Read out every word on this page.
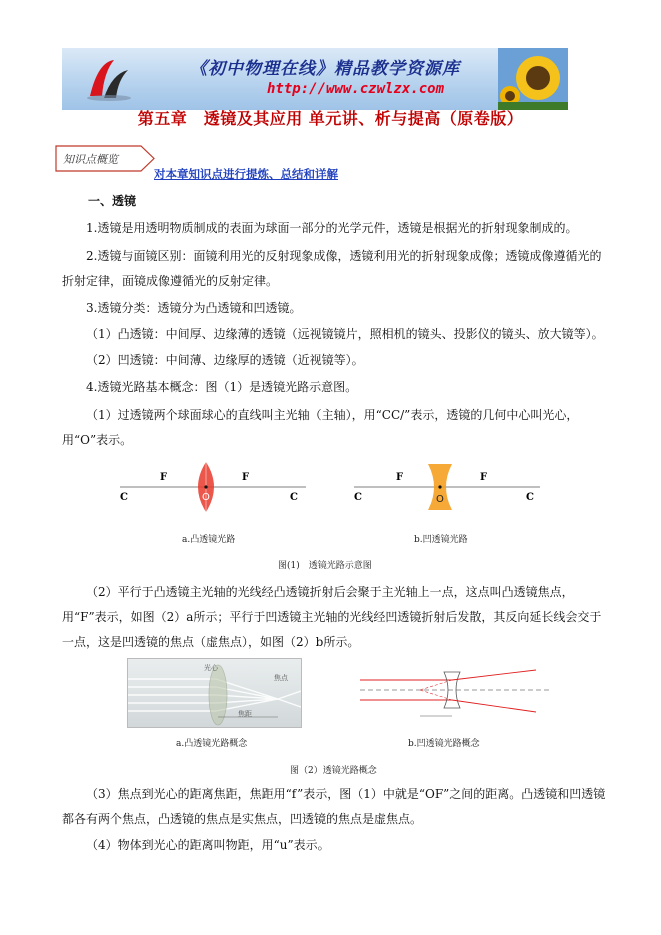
《初中物理在线》精品教学资源库
http://www.czwlzx.com
第五章　透镜及其应用 单元讲、析与提高（原卷版）
知识点概览
对本章知识点进行提炼、总结和详解
一、透镜

1.透镜是用透明物质制成的表面为球面一部分的光学元件，透镜是根据光的折射现象制成的。

2.透镜与面镜区别：面镜利用光的反射现象成像，透镜利用光的折射现象成像；透镜成像遵循光的折射定律，面镜成像遵循光的反射定律。

3.透镜分类：透镜分为凸透镜和凹透镜。

（1）凸透镜：中间厚、边缘薄的透镜（远视镜镜片，照相机的镜头、投影仪的镜头、放大镜等）。

（2）凹透镜：中间薄、边缘厚的透镜（近视镜等）。

4.透镜光路基本概念：图（1）是透镜光路示意图。

（1）过透镜两个球面球心的直线叫主光轴（主轴），用“CC/”表示，透镜的几何中心叫光心，用“O”表示。

C	C
F	F
O
a.凸透镜光路
C	C
F	F
O
b.凹透镜光路
图(1)　透镜光路示意图

（2）平行于凸透镜主光轴的光线经凸透镜折射后会聚于主光轴上一点，这点叫凸透镜焦点，用“F”表示，如图（2）a所示；平行于凹透镜主光轴的光线经凹透镜折射后发散，其反向延长线会交于一点，这是凹透镜的焦点（虚焦点），如图（2）b所示。

光心
焦点
焦距
a.凸透镜光路概念	b.凹透镜光路概念
图（2）透镜光路概念

（3）焦点到光心的距离焦距，焦距用“f”表示，图（1）中就是“OF”之间的距离。凸透镜和凹透镜都各有两个焦点，凸透镜的焦点是实焦点，凹透镜的焦点是虚焦点。

（4）物体到光心的距离叫物距，用“u”表示。
